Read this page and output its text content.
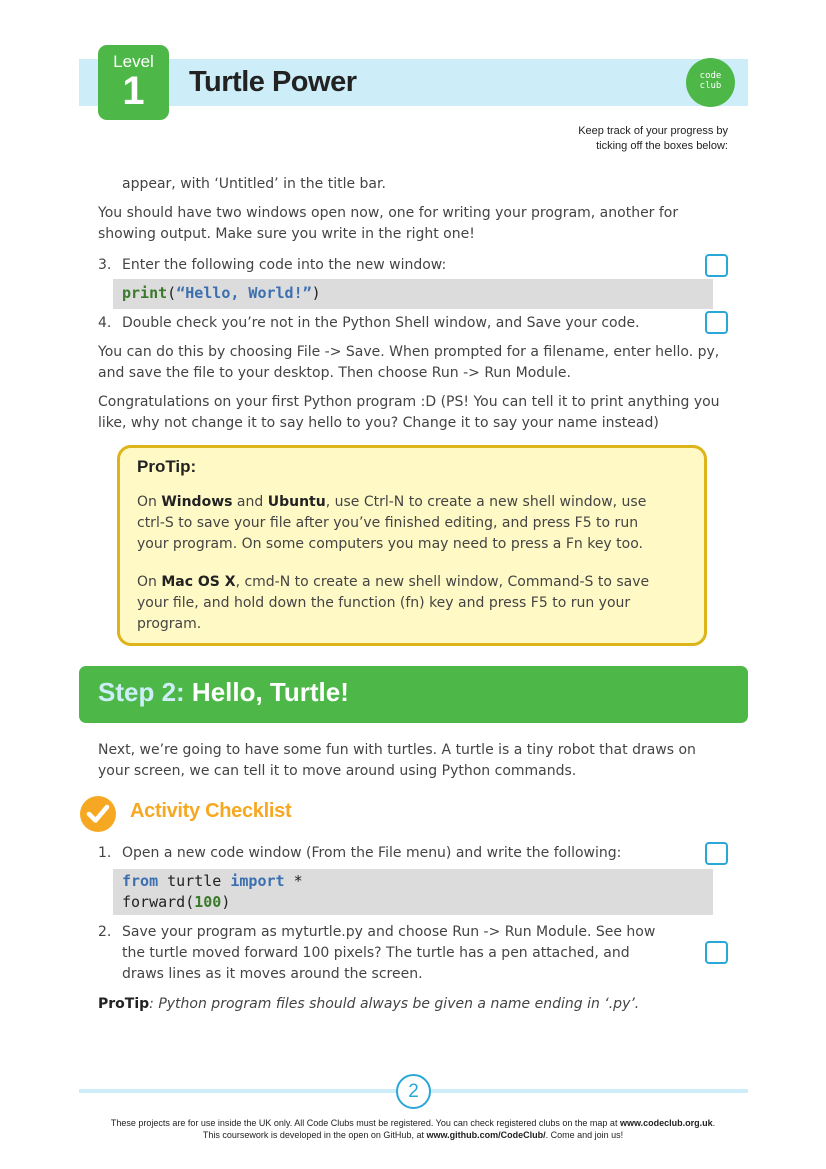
Level
1	Turtle Power	code
club
Keep track of your progress by
ticking off the boxes below:
appear, with ‘Untitled’ in the title bar.
You should have two windows open now, one for writing your program, another for showing output. Make sure you write in the right one!
3. Enter the following code into the new window:
print(“Hello, World!”)
4. Double check you’re not in the Python Shell window, and Save your code.
You can do this by choosing File -> Save. When prompted for a filename, enter hello. py, and save the file to your desktop. Then choose Run -> Run Module.
Congratulations on your first Python program :D (PS! You can tell it to print anything you like, why not change it to say hello to you? Change it to say your name instead)
ProTip:
On Windows and Ubuntu, use Ctrl-N to create a new shell window, use ctrl-S to save your file after you’ve finished editing, and press F5 to run your program. On some computers you may need to press a Fn key too.
On Mac OS X, cmd-N to create a new shell window, Command-S to save your file, and hold down the function (fn) key and press F5 to run your program.
Step 2: Hello, Turtle!
Next, we’re going to have some fun with turtles. A turtle is a tiny robot that draws on your screen, we can tell it to move around using Python commands.
Activity Checklist
1. Open a new code window (From the File menu) and write the following:
from turtle import *
forward(100)
2. Save your program as myturtle.py and choose Run -> Run Module. See how the turtle moved forward 100 pixels? The turtle has a pen attached, and draws lines as it moves around the screen.
ProTip: Python program files should always be given a name ending in ‘.py’.
2
These projects are for use inside the UK only. All Code Clubs must be registered. You can check registered clubs on the map at www.codeclub.org.uk.
This coursework is developed in the open on GitHub, at www.github.com/CodeClub/. Come and join us!
